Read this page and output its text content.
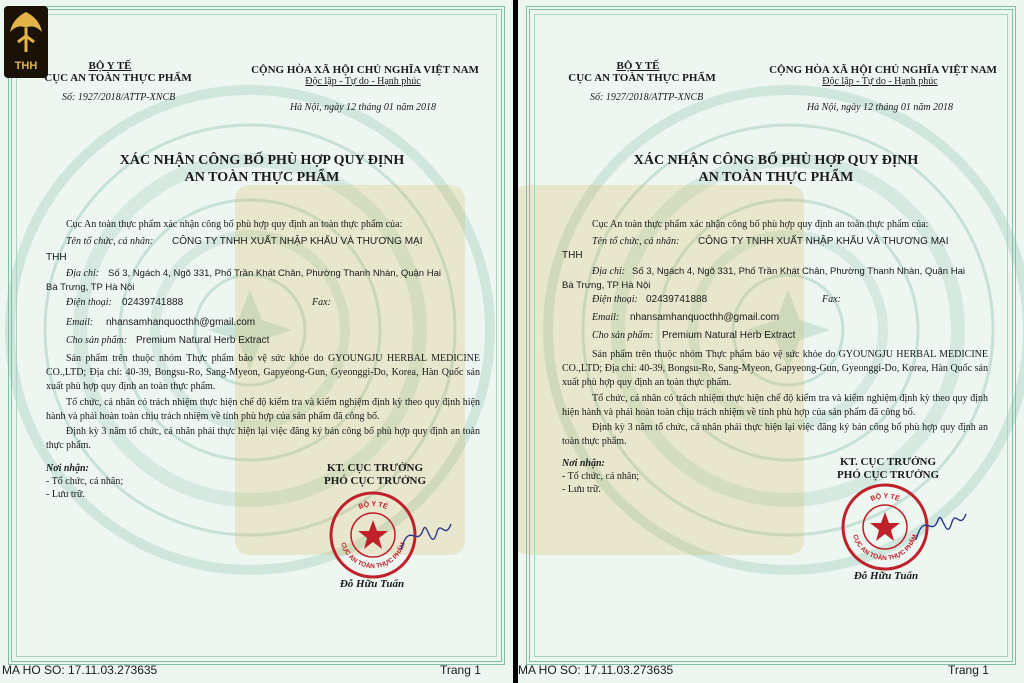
THH	BỘ Y TẾ

CỤC AN TOÀN THỰC PHẨM

Số: 1927/2018/ATTP-XNCB

CỘNG HÒA XÃ HỘI CHỦ NGHĨA VIỆT NAM

Độc lập - Tự do - Hạnh phúc

Hà Nội, ngày 12 tháng 01 năm 2018

XÁC NHẬN CÔNG BỐ PHÙ HỢP QUY ĐỊNH

AN TOÀN THỰC PHẨM

Cục An toàn thực phẩm xác nhận công bố phù hợp quy định an toàn thực phẩm của:

Tên tổ chức, cá nhân: CÔNG TY TNHH XUẤT NHẬP KHẨU VÀ THƯƠNG MẠI

THH

Địa chỉ: Số 3, Ngách 4, Ngõ 331, Phố Trần Khát Chân, Phường Thanh Nhàn, Quận Hai

Bà Trưng, TP Hà Nội

Điện thoại: 02439741888	Fax:

Email: nhansamhanquocthh@gmail.com

Cho sản phẩm: Premium Natural Herb Extract

Sản phẩm trên thuộc nhóm Thực phẩm bảo vệ sức khỏe do GYOUNGJU HERBAL MEDICINE CO.,LTD; Địa chỉ: 40-39, Bongsu-Ro, Sang-Myeon, Gapyeong-Gun, Gyeonggi-Do, Korea, Hàn Quốc sản xuất phù hợp quy định an toàn thực phẩm.

Tổ chức, cá nhân có trách nhiệm thực hiện chế độ kiểm tra và kiểm nghiệm định kỳ theo quy định hiện hành và phải hoàn toàn chịu trách nhiệm về tính phù hợp của sản phẩm đã công bố.

Định kỳ 3 năm tổ chức, cá nhân phải thực hiện lại việc đăng ký bản công bố phù hợp quy định an toàn thực phẩm.

Nơi nhận:

- Tổ chức, cá nhân;

- Lưu trữ.

KT. CỤC TRƯỞNG

PHÓ CỤC TRƯỞNG

BỘ Y TẾ
CỤC AN TOÀN THỰC PHẨM

Đỗ Hữu Tuấn

MA HO SO: 17.11.03.273635	Trang 1

BỘ Y TẾ

CỤC AN TOÀN THỰC PHẨM

Số: 1927/2018/ATTP-XNCB

CỘNG HÒA XÃ HỘI CHỦ NGHĨA VIỆT NAM

Độc lập - Tự do - Hạnh phúc

Hà Nội, ngày 12 tháng 01 năm 2018

XÁC NHẬN CÔNG BỐ PHÙ HỢP QUY ĐỊNH

AN TOÀN THỰC PHẨM

Cục An toàn thực phẩm xác nhận công bố phù hợp quy định an toàn thực phẩm của:

Tên tổ chức, cá nhân: CÔNG TY TNHH XUẤT NHẬP KHẨU VÀ THƯƠNG MẠI

THH

Địa chỉ: Số 3, Ngách 4, Ngõ 331, Phố Trần Khát Chân, Phường Thanh Nhàn, Quận Hai

Bà Trưng, TP Hà Nội

Điện thoại: 02439741888	Fax:

Email: nhansamhanquocthh@gmail.com

Cho sản phẩm: Premium Natural Herb Extract

Sản phẩm trên thuộc nhóm Thực phẩm bảo vệ sức khỏe do GYOUNGJU HERBAL MEDICINE CO.,LTD; Địa chỉ: 40-39, Bongsu-Ro, Sang-Myeon, Gapyeong-Gun, Gyeonggi-Do, Korea, Hàn Quốc sản xuất phù hợp quy định an toàn thực phẩm.

Tổ chức, cá nhân có trách nhiệm thực hiện chế độ kiểm tra và kiểm nghiệm định kỳ theo quy định hiện hành và phải hoàn toàn chịu trách nhiệm về tính phù hợp của sản phẩm đã công bố.

Định kỳ 3 năm tổ chức, cá nhân phải thực hiện lại việc đăng ký bản công bố phù hợp quy định an toàn thực phẩm.

Nơi nhận:

- Tổ chức, cá nhân;

- Lưu trữ.

KT. CỤC TRƯỞNG

PHÓ CỤC TRƯỞNG

BỘ Y TẾ
CỤC AN TOÀN THỰC PHẨM

Đỗ Hữu Tuấn

MA HO SO: 17.11.03.273635	Trang 1
